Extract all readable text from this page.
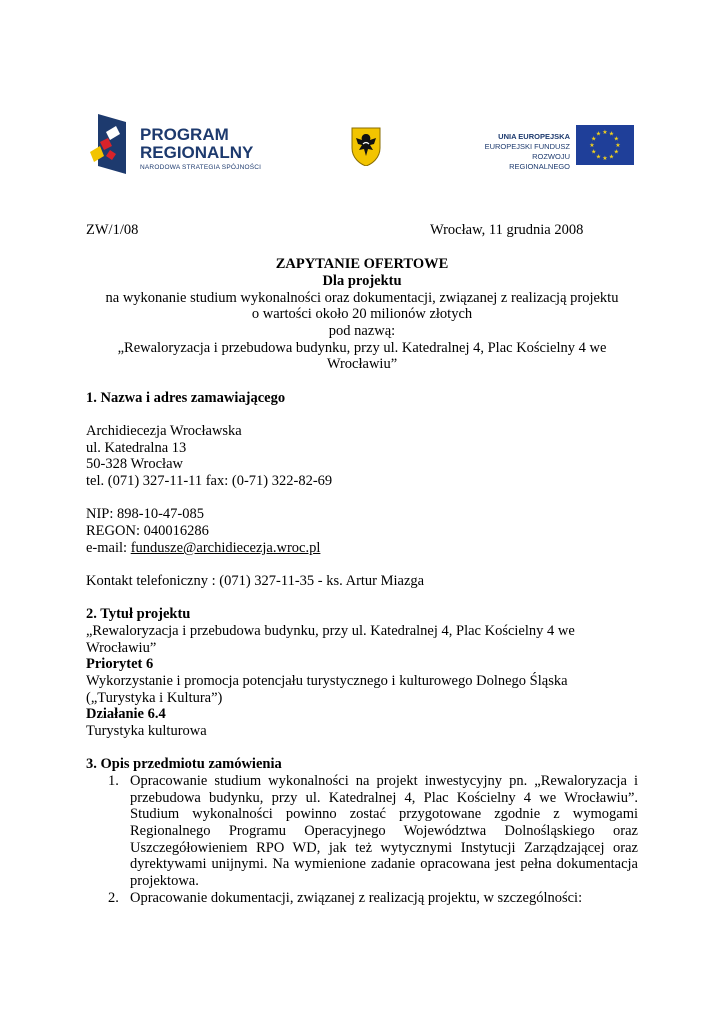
PROGRAM
REGIONALNY
NARODOWA STRATEGIA SPÓJNOŚCI
UNIA EUROPEJSKA
EUROPEJSKI FUNDUSZ
ROZWOJU REGIONALNEGO
★ ★
★
★
★
★
★
★
★
★
★
★
ZW/1/08	Wrocław, 11 grudnia 2008
ZAPYTANIE OFERTOWE
Dla projektu
na wykonanie studium wykonalności oraz dokumentacji, związanej z realizacją projektu
o wartości około 20 milionów złotych
pod nazwą:
„Rewaloryzacja i przebudowa budynku, przy ul. Katedralnej 4, Plac Kościelny 4 we
Wrocławiu”
1. Nazwa i adres zamawiającego
Archidiecezja Wrocławska
ul. Katedralna 13
50-328 Wrocław
tel. (071) 327-11-11 fax: (0-71) 322-82-69
NIP: 898-10-47-085
REGON: 040016286
e-mail: fundusze@archidiecezja.wroc.pl
Kontakt telefoniczny : (071) 327-11-35 - ks. Artur Miazga
2. Tytuł projektu
„Rewaloryzacja i przebudowa budynku, przy ul. Katedralnej 4, Plac Kościelny 4 we
Wrocławiu”
Priorytet 6
Wykorzystanie i promocja potencjału turystycznego i kulturowego Dolnego Śląska
(„Turystyka i Kultura”)
Działanie 6.4
Turystyka kulturowa
3. Opis przedmiotu zamówienia
1. Opracowanie studium wykonalności na projekt inwestycyjny pn. „Rewaloryzacja i
przebudowa budynku, przy ul. Katedralnej 4, Plac Kościelny 4 we Wrocławiu”.
Studium wykonalności powinno zostać przygotowane zgodnie z wymogami
Regionalnego Programu Operacyjnego Województwa Dolnośląskiego oraz
Uszczegółowieniem RPO WD, jak też wytycznymi Instytucji Zarządzającej oraz
dyrektywami unijnymi. Na wymienione zadanie opracowana jest pełna dokumentacja
projektowa.
2. Opracowanie dokumentacji, związanej z realizacją projektu, w szczególności:
